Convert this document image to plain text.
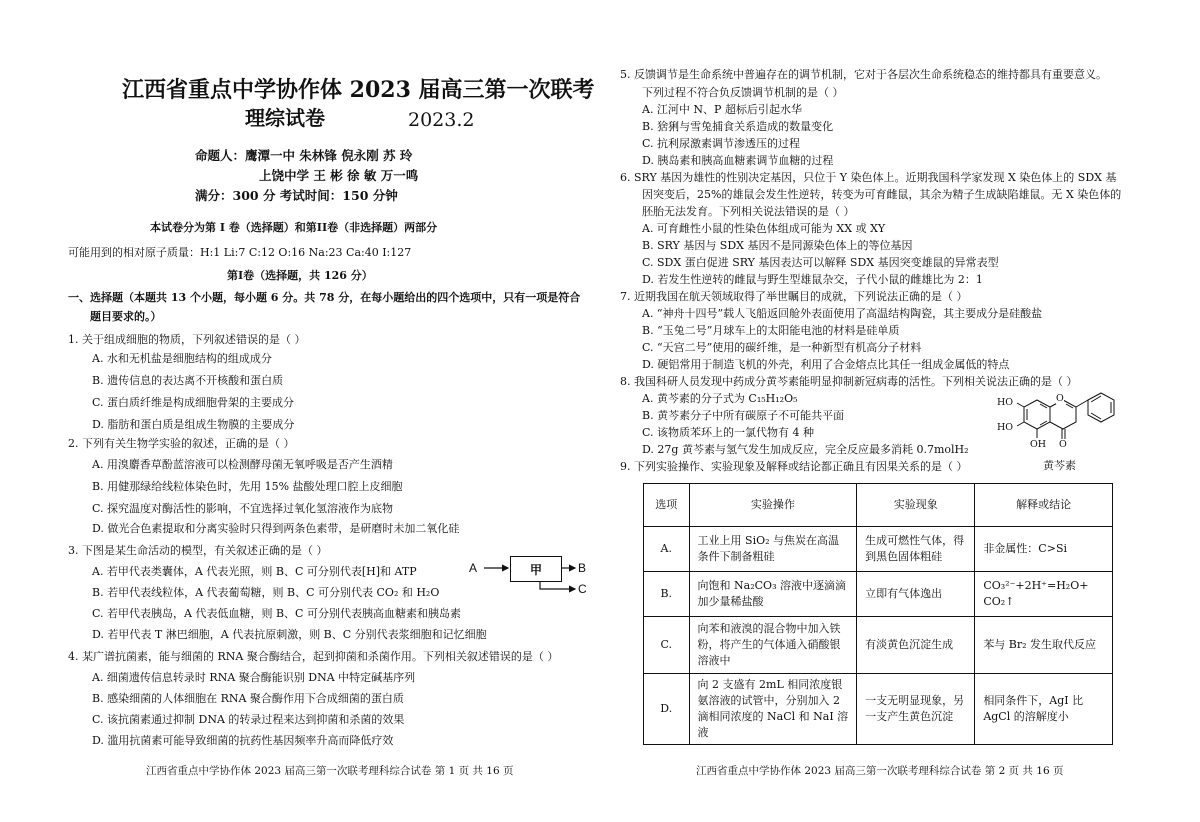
江西省重点中学协作体 2023 届高三第一次联考
理综试卷	2023.2
命题人：鹰潭一中 朱林锋 倪永刚 苏 玲
上饶中学 王 彬 徐 敏 万一鸣
满分：300 分 考试时间：150 分钟
本试卷分为第 I 卷（选择题）和第II卷（非选择题）两部分
可能用到的相对原子质量：H:1 Li:7 C:12 O:16 Na:23 Ca:40 I:127
第Ⅰ卷（选择题，共 126 分）
一、选择题（本题共 13 个小题，每小题 6 分。共 78 分，在每小题给出的四个选项中，只有一项是符合
题目要求的。）
1. 关于组成细胞的物质，下列叙述错误的是（ ）
A. 水和无机盐是细胞结构的组成成分
B. 遗传信息的表达离不开核酸和蛋白质
C. 蛋白质纤维是构成细胞骨架的主要成分
D. 脂肪和蛋白质是组成生物膜的主要成分
2. 下列有关生物学实验的叙述，正确的是（ ）
A. 用溴麝香草酚蓝溶液可以检测酵母菌无氧呼吸是否产生酒精
B. 用健那绿给线粒体染色时，先用 15% 盐酸处理口腔上皮细胞
C. 探究温度对酶活性的影响，不宜选择过氧化氢溶液作为底物
D. 做光合色素提取和分离实验时只得到两条色素带，是研磨时未加二氧化硅
3. 下图是某生命活动的模型，有关叙述正确的是（ ）
A. 若甲代表类囊体，A 代表光照，则 B、C 可分别代表[H]和 ATP
B. 若甲代表线粒体，A 代表葡萄糖，则 B、C 可分别代表 CO₂ 和 H₂O
C. 若甲代表胰岛，A 代表低血糖，则 B、C 可分别代表胰高血糖素和胰岛素
D. 若甲代表 T 淋巴细胞，A 代表抗原刺激，则 B、C 分别代表浆细胞和记忆细胞
A	甲	B
C
4. 某广谱抗菌素，能与细菌的 RNA 聚合酶结合，起到抑菌和杀菌作用。下列相关叙述错误的是（ ）
A. 细菌遗传信息转录时 RNA 聚合酶能识别 DNA 中特定碱基序列
B. 感染细菌的人体细胞在 RNA 聚合酶作用下合成细菌的蛋白质
C. 该抗菌素通过抑制 DNA 的转录过程来达到抑菌和杀菌的效果
D. 滥用抗菌素可能导致细菌的抗药性基因频率升高而降低疗效
江西省重点中学协作体 2023 届高三第一次联考理科综合试卷 第 1 页 共 16 页
5. 反馈调节是生命系统中普遍存在的调节机制，它对于各层次生命系统稳态的维持都具有重要意义。
下列过程不符合负反馈调节机制的是（ ）
A. 江河中 N、P 超标后引起水华
B. 猞猁与雪兔捕食关系造成的数量变化
C. 抗利尿激素调节渗透压的过程
D. 胰岛素和胰高血糖素调节血糖的过程
6. SRY 基因为雄性的性别决定基因，只位于 Y 染色体上。近期我国科学家发现 X 染色体上的 SDX 基
因突变后，25%的雄鼠会发生性逆转，转变为可育雌鼠，其余为精子生成缺陷雄鼠。无 X 染色体的
胚胎无法发育。下列相关说法错误的是（ ）
A. 可育雌性小鼠的性染色体组成可能为 XX 或 XY
B. SRY 基因与 SDX 基因不是同源染色体上的等位基因
C. SDX 蛋白促进 SRY 基因表达可以解释 SDX 基因突变雄鼠的异常表型
D. 若发生性逆转的雌鼠与野生型雄鼠杂交，子代小鼠的雌雄比为 2：1
7. 近期我国在航天领域取得了举世瞩目的成就，下列说法正确的是（ ）
A. “神舟十四号”载人飞船返回舱外表面使用了高温结构陶瓷，其主要成分是硅酸盐
B. “玉兔二号”月球车上的太阳能电池的材料是硅单质
C. “天宫二号”使用的碳纤维，是一种新型有机高分子材料
D. 硬铝常用于制造飞机的外壳，利用了合金熔点比其任一组成金属低的特点
8. 我国科研人员发现中药成分黄芩素能明显抑制新冠病毒的活性。下列相关说法正确的是（ ）
A. 黄芩素的分子式为 C₁₅H₁₂O₅
B. 黄芩素分子中所有碳原子不可能共平面
C. 该物质苯环上的一氯代物有 4 种
D. 27g 黄芩素与氢气发生加成反应，完全反应最多消耗 0.7molH₂
O
HO
HO
OH O
黄芩素
9. 下列实验操作、实验现象及解释或结论都正确且有因果关系的是（ ）
江西省重点中学协作体 2023 届高三第一次联考理科综合试卷 第 2 页 共 16 页
选项	实验操作	实验现象	解释或结论
A.	工业上用 SiO₂ 与焦炭在高温条件下制备粗硅	生成可燃性气体，得到黑色固体粗硅	非金属性：C>Si
B.	向饱和 Na₂CO₃ 溶液中逐滴滴加少量稀盐酸	立即有气体逸出	CO₃²⁻+2H⁺=H₂O+ CO₂↑
C.	向苯和液溴的混合物中加入铁粉，将产生的气体通入硝酸银溶液中	有淡黄色沉淀生成	苯与 Br₂ 发生取代反应
D.	向 2 支盛有 2mL 相同浓度银氨溶液的试管中，分别加入 2 滴相同浓度的 NaCl 和 NaI 溶液	一支无明显现象，另一支产生黄色沉淀	相同条件下，AgI 比 AgCl 的溶解度小
